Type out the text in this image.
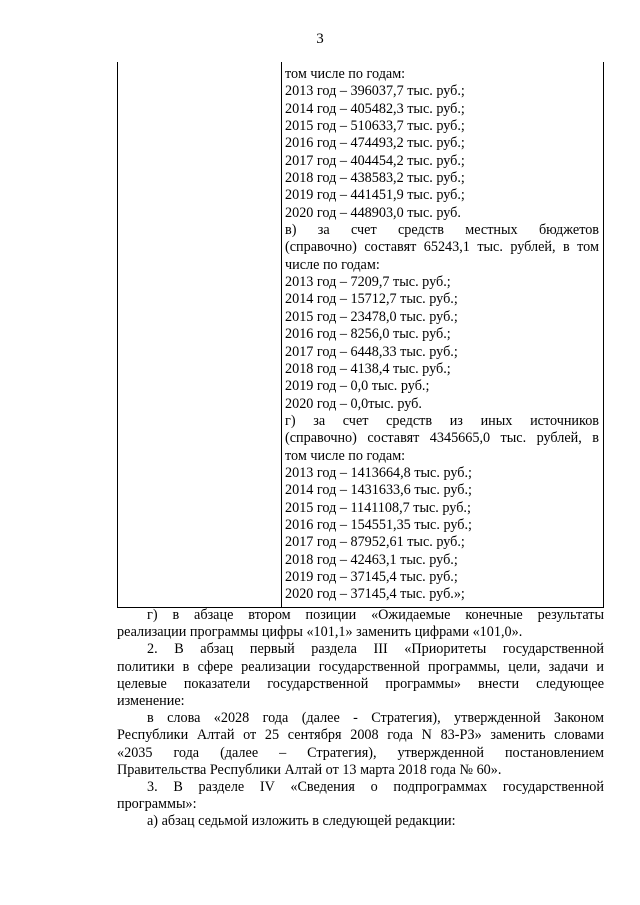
3

том числе по годам:

2013 год – 396037,7 тыс. руб.;

2014 год – 405482,3 тыс. руб.;

2015 год – 510633,7 тыс. руб.;

2016 год – 474493,2 тыс. руб.;

2017 год – 404454,2 тыс. руб.;

2018 год – 438583,2 тыс. руб.;

2019 год – 441451,9 тыс. руб.;

2020 год – 448903,0 тыс. руб.

в) за счет средств местных бюджетов

(справочно) составят 65243,1 тыс. рублей, в том

числе по годам:

2013 год – 7209,7 тыс. руб.;

2014 год – 15712,7 тыс. руб.;

2015 год – 23478,0 тыс. руб.;

2016 год – 8256,0 тыс. руб.;

2017 год – 6448,33 тыс. руб.;

2018 год – 4138,4 тыс. руб.;

2019 год – 0,0 тыс. руб.;

2020 год – 0,0тыс. руб.

г) за счет средств из иных источников

(справочно) составят 4345665,0 тыс. рублей, в

том числе по годам:

2013 год – 1413664,8 тыс. руб.;

2014 год – 1431633,6 тыс. руб.;

2015 год – 1141108,7 тыс. руб.;

2016 год – 154551,35 тыс. руб.;

2017 год – 87952,61 тыс. руб.;

2018 год – 42463,1 тыс. руб.;

2019 год – 37145,4 тыс. руб.;

2020 год – 37145,4 тыс. руб.»;

г) в абзаце втором позиции «Ожидаемые конечные результаты
реализации программы цифры «101,1» заменить цифрами «101,0».

2. В абзац первый раздела III «Приоритеты государственной
политики в сфере реализации государственной программы, цели, задачи и
целевые показатели государственной программы» внести следующее
изменение:

в слова «2028 года (далее - Стратегия), утвержденной Законом
Республики Алтай от 25 сентября 2008 года N 83-РЗ» заменить словами
«2035 года (далее – Стратегия), утвержденной постановлением
Правительства Республики Алтай от 13 марта 2018 года № 60».

3. В разделе IV «Сведения о подпрограммах государственной
программы»:

а) абзац седьмой изложить в следующей редакции:
